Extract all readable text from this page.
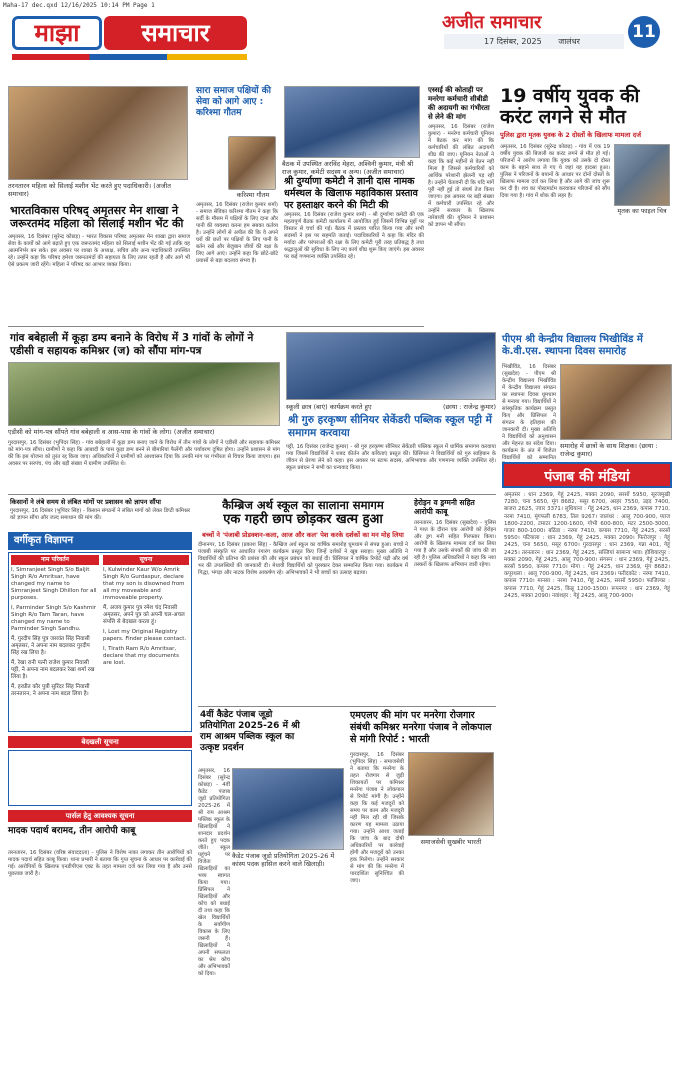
Maha-17 dec.qxd 12/16/2025 10:14 PM Page 1
माझा	समाचार	अजीत समाचार
17 दिसंबर, 2025 जालंधर	11
तरनतारन महिला को सिलाई मशीन भेंट करते हुए पदाधिकारी। (अजीत समाचार)
भारतविकास परिषद् अमृतसर मेन शाखा ने जरूरतमंद महिला को सिलाई मशीन भेंट की
अमृतसर, 16 दिसंबर (सुरेन्द्र कोछड़) - भारत विकास परिषद अमृतसर मेन शाखा द्वारा समाज सेवा के कार्यों को आगे बढ़ाते हुए एक जरूरतमंद महिला को सिलाई मशीन भेंट की गई ताकि वह आत्मनिर्भर बन सके। इस अवसर पर शाखा के अध्यक्ष, सचिव और अन्य पदाधिकारी उपस्थित रहे। उन्होंने कहा कि परिषद हमेशा जरूरतमंदों की सहायता के लिए तत्पर रहती है और आगे भी ऐसे प्रकल्प जारी रहेंगे। महिला ने परिषद का आभार व्यक्त किया।
सारा समाज पक्षियों की सेवा को आगे आए : करिश्मा गौतम
करिश्मा गौतम
अमृतसर, 16 दिसंबर (राजेश कुमार शर्मा) - समाज सेविका करिश्मा गौतम ने कहा कि सर्दी के मौसम में पक्षियों के लिए दाना और पानी की व्यवस्था करना हम सबका कर्तव्य है। उन्होंने लोगों से अपील की कि वे अपने घरों की छतों पर पक्षियों के लिए पानी के बर्तन रखें और बेजुबान जीवों की रक्षा के लिए आगे आएं। उन्होंने कहा कि छोटे-छोटे प्रयासों से बड़ा बदलाव संभव है।
बैठक में उपस्थित अरविंद मेहरा, अश्विनी कुमार, मंत्री श्री राज कुमार, कमेटी सदस्य व अन्य। (अजीत समाचार)
श्री दुर्ग्याणा कमेटी ने ज्ञानी दास नामक धर्मस्थल के खिलाफ महाविकास प्रस्ताव पर हस्ताक्षर करने की मिटी की
अमृतसर, 16 दिसंबर (राजेश कुमार शर्मा) - श्री दुर्ग्याणा कमेटी की एक महत्वपूर्ण बैठक कमेटी कार्यालय में आयोजित हुई जिसमें विभिन्न मुद्दों पर विस्तार से चर्चा की गई। बैठक में प्रस्ताव पारित किया गया और सभी सदस्यों ने इस पर सहमति जताई। पदाधिकारियों ने कहा कि मंदिर की मर्यादा और परंपराओं की रक्षा के लिए कमेटी पूरी तरह प्रतिबद्ध है तथा श्रद्धालुओं की सुविधा के लिए नए कार्य शीघ्र शुरू किए जाएंगे। इस अवसर पर कई गणमान्य व्यक्ति उपस्थित रहे।
एस्सई की कोताही पर मनरेगा कर्मचारी सीबीडी की अदायगी का गंभीरता से लेने की मांग
अमृतसर, 16 दिसंबर (राजेश कुमार) - मनरेगा कर्मचारी यूनियन ने बैठक कर मांग की कि कर्मचारियों की लंबित अदायगी शीघ्र की जाए। यूनियन नेताओं ने कहा कि कई महीनों से वेतन नहीं मिला है जिससे कर्मचारियों को आर्थिक परेशानी झेलनी पड़ रही है। उन्होंने चेतावनी दी कि यदि मांगें पूरी नहीं हुई तो संघर्ष तेज किया जाएगा। इस अवसर पर बड़ी संख्या में कर्मचारी उपस्थित रहे और उन्होंने सरकार के खिलाफ नारेबाजी की। यूनियन ने प्रशासन को ज्ञापन भी सौंपा।
19 वर्षीय युवक की करंट लगने से मौत
पुलिस द्वारा मृतक युवक के 2 दोस्तों के खिलाफ मामला दर्ज
मृतक का फाइल चित्र
अमृतसर, 16 दिसंबर (सुरेन्द्र कोछड़) - गांव में एक 19 वर्षीय युवक की बिजली का करंट लगने से मौत हो गई। परिजनों ने आरोप लगाया कि युवक को उसके दो दोस्त काम के बहाने साथ ले गए थे जहां यह हादसा हुआ। पुलिस ने परिजनों के बयानों के आधार पर दोनों दोस्तों के खिलाफ मामला दर्ज कर लिया है और आगे की जांच शुरू कर दी है। शव का पोस्टमार्टम करवाकर परिजनों को सौंप दिया गया है। गांव में शोक की लहर है।
गांव बबेहाली में कूड़ा डम्प बनाने के विरोध में 3 गांवों के लोगों ने एडीसी व सहायक कमिश्नर (ज) को सौंपा मांग-पत्र
एडीसी को मांग-पत्र सौंपते गांव बबेहाली व आस-पास के गांवों के लोग। (अजीत समाचार)
गुरदासपुर, 16 दिसंबर (भुपिंदर सिंह) - गांव बबेहाली में कूड़ा डम्प बनाए जाने के विरोध में तीन गांवों के लोगों ने एडीसी और सहायक कमिश्नर को मांग-पत्र सौंपा। ग्रामीणों ने कहा कि आबादी के पास कूड़ा डम्प बनने से बीमारियां फैलेंगी और पर्यावरण दूषित होगा। उन्होंने प्रशासन से मांग की कि इस योजना को तुरंत रद्द किया जाए। अधिकारियों ने ग्रामीणों को आश्वासन दिया कि उनकी मांग पर गंभीरता से विचार किया जाएगा। इस अवसर पर सरपंच, पंच और बड़ी संख्या में ग्रामीण उपस्थित थे।
स्कूली छात्र (बाएं) कार्यक्रम करते हुए	(छाया : राजेन्द्र कुमार)
श्री गुरु हरकृष्ण सीनियर सेकेंडरी पब्लिक स्कूल पट्टी में समागम करवाया
पट्टी, 16 दिसंबर (राजेन्द्र कुमार) - श्री गुरु हरकृष्ण सीनियर सेकेंडरी पब्लिक स्कूल में धार्मिक समागम करवाया गया जिसमें विद्यार्थियों ने शबद कीर्तन और कविताएं प्रस्तुत कीं। प्रिंसिपल ने विद्यार्थियों को गुरु साहिबान के जीवन से प्रेरणा लेने को कहा। इस अवसर पर स्टाफ सदस्य, अभिभावक और गणमान्य व्यक्ति उपस्थित रहे। स्कूल प्रबंधन ने सभी का धन्यवाद किया।
पीएम श्री केन्द्रीय विद्यालय भिखीविंड में के.वी.एस. स्थापना दिवस समारोह
समारोह में छात्रों के साथ शिक्षक। (छाया : राजेन्द्र कुमार)
भिखीविंड, 16 दिसंबर (सुखदेव) - पीएम श्री केन्द्रीय विद्यालय भिखीविंड में केन्द्रीय विद्यालय संगठन का स्थापना दिवस धूमधाम से मनाया गया। विद्यार्थियों ने सांस्कृतिक कार्यक्रम प्रस्तुत किए और प्रिंसिपल ने संगठन के इतिहास की जानकारी दी। मुख्य अतिथि ने विद्यार्थियों को अनुशासन और मेहनत का संदेश दिया। कार्यक्रम के अंत में विजेता विद्यार्थियों को सम्मानित
किसानों ने लंबे समय से लंबित मांगों पर प्रशासन को ज्ञापन सौंपा
गुरदासपुर, 16 दिसंबर (भुपिंदर सिंह) - किसान संगठनों ने लंबित मांगों को लेकर डिप्टी कमिश्नर को ज्ञापन सौंपा और जल्द समाधान की मांग की।
कैम्ब्रिज अर्थ स्कूल का सालाना समागम
एक गहरी छाप छोड़कर खत्म हुआ
बच्चों ने 'पंजाबी प्रोडक्शन-कला, आज और कल' पेश करके दर्शकों का मन मोह लिया
दीनानगर, 16 दिसंबर (प्रकाश सिंह) - कैम्ब्रिज अर्थ स्कूल का वार्षिक समारोह धूमधाम से संपन्न हुआ। बच्चों ने पंजाबी संस्कृति पर आधारित रंगारंग कार्यक्रम प्रस्तुत किए जिन्हें दर्शकों ने खूब सराहा। मुख्य अतिथि ने विद्यार्थियों की प्रतिभा की प्रशंसा की और स्कूल प्रबंधन को बधाई दी। प्रिंसिपल ने वार्षिक रिपोर्ट पढ़ी और वर्ष भर की उपलब्धियों की जानकारी दी। मेधावी विद्यार्थियों को पुरस्कार देकर सम्मानित किया गया। कार्यक्रम में गिद्धा, भंगड़ा और नाटक विशेष आकर्षण रहे। अभिभावकों ने भी बच्चों का उत्साह बढ़ाया।
हेरोइन व ड्रग्मनी सहित आरोपी काबू
तरनतारन, 16 दिसंबर (सुखदेव) - पुलिस ने गश्त के दौरान एक आरोपी को हेरोइन और ड्रग मनी सहित गिरफ्तार किया। आरोपी के खिलाफ मामला दर्ज कर लिया गया है और उसके संपर्कों की जांच की जा रही है। पुलिस अधिकारियों ने कहा कि नशा तस्करों के खिलाफ अभियान जारी रहेगा।
पंजाब की मंडियां
अमृतसर : धान 2369, गेहूं 2425, मक्का 2090, सरसों 5950, सूरजमुखी 7280, चना 5650, मूंग 8682, मसूर 6700, अरहर 7550, उड़द 7400, बाजरा 2625, ज्वार 3371। लुधियाना : गेहूं 2425, धान 2369, कपास 7710, नरमा 7410, मूंगफली 6783, तिल 9267। जालंधर : आलू 700-900, प्याज 1800-2200, टमाटर 1200-1600, गोभी 600-800, मटर 2500-3000, गाजर 800-1000। बठिंडा : नरमा 7410, कपास 7710, गेहूं 2425, सरसों 5950। पटियाला : धान 2369, गेहूं 2425, मक्का 2090। फिरोजपुर : गेहूं 2425, चना 5650, मसूर 6700। गुरदासपुर : धान 2369, गन्ना 401, गेहूं 2425। तरनतारन : धान 2369, गेहूं 2425, सब्जियां सामान्य भाव। होशियारपुर : मक्का 2090, गेहूं 2425, आलू 700-900। संगरूर : धान 2369, गेहूं 2425, सरसों 5950, कपास 7710। मोगा : गेहूं 2425, धान 2369, मूंग 8682। कपूरथला : आलू 700-900, गेहूं 2425, धान 2369। फरीदकोट : नरमा 7410, कपास 7710। मानसा : नरमा 7410, गेहूं 2425, सरसों 5950। फाजिल्का : कपास 7710, गेहूं 2425, किन्नू 1200-1500। रूपनगर : धान 2369, गेहूं 2425, मक्का 2090। नवांशहर : गेहूं 2425, आलू 700-900।
वर्गीकृत विज्ञापन
नाम परिवर्तन	सूचना

I, Simranjeet Singh S/o Baljit Singh R/o Amritsar, have changed my name to Simranjeet Singh Dhillon for all purposes.

I, Parminder Singh S/o Kashmir Singh R/o Tarn Taran, have changed my name to Parminder Singh Sandhu.

मैं, गुरदीप सिंह पुत्र जसवंत सिंह निवासी अमृतसर, ने अपना नाम बदलकर गुरदीप सिंह रख लिया है।

मैं, रेखा रानी पत्नी राजेश कुमार निवासी पट्टी, ने अपना नाम बदलकर रेखा शर्मा रख लिया है।

मैं, हरप्रीत कौर पुत्री सुरिंदर सिंह निवासी तरनतारन, ने अपना नाम बदल लिया है।

I, Kulwinder Kaur W/o Amrik Singh R/o Gurdaspur, declare that my son is disowned from all my moveable and immoveable property.

मैं, अजय कुमार पुत्र रमेश चंद निवासी अमृतसर, अपने पुत्र को अपनी चल-अचल संपत्ति से बेदखल करता हूं।

I, Lost my Original Registry papers. Finder please contact.

I, Tirath Ram R/o Amritsar, declare that my documents are lost.

बेदखली सूचना
पार्सल हेतु आवश्यक सूचना
4वीं कैडेट पंजाब जूडो प्रतियोगिता 2025-26 में श्री राम आश्रम पब्लिक स्कूल का उत्कृष्ट प्रदर्शन
कैडेट पंजाब जूडो प्रतियोगिता 2025-26 में कांस्य पदक हासिल करने वाले खिलाड़ी।
अमृतसर, 16 दिसंबर (सुरेन्द्र कोछड़) - 4वीं कैडेट पंजाब जूडो प्रतियोगिता 2025-26 में श्री राम आश्रम पब्लिक स्कूल के खिलाड़ियों ने शानदार प्रदर्शन करते हुए पदक जीते। स्कूल पहुंचने पर विजेता खिलाड़ियों का भव्य स्वागत किया गया। प्रिंसिपल ने खिलाड़ियों और कोच को बधाई दी तथा कहा कि खेल विद्यार्थियों के सर्वांगीण विकास के लिए जरूरी हैं। खिलाड़ियों ने अपनी सफलता का श्रेय कोच और अभिभावकों को दिया।
एमएलए की मांग पर मनरेगा रोजगार संबंधी कमिश्नर मनरेगा पंजाब ने लोकपाल से मांगी रिपोर्ट : भारती
समाजसेवी सुखबीर भारती
गुरदासपुर, 16 दिसंबर (भुपिंदर सिंह) - समाजसेवी ने बताया कि मनरेगा के तहत रोजगार से जुड़ी शिकायतों पर कमिश्नर मनरेगा पंजाब ने लोकपाल से रिपोर्ट मांगी है। उन्होंने कहा कि कई मजदूरों को समय पर काम और मजदूरी नहीं मिल रही थी जिसके कारण यह मामला उठाया गया। उन्होंने आशा जताई कि जांच के बाद दोषी अधिकारियों पर कार्रवाई होगी और मजदूरों को उनका हक मिलेगा। उन्होंने सरकार से मांग की कि मनरेगा में पारदर्शिता सुनिश्चित की जाए।
मादक पदार्थ बरामद, तीन आरोपी काबू
तरनतारन, 16 दिसंबर (वरिष्ठ संवाददाता) - पुलिस ने विशेष नाका लगाकर तीन आरोपियों को मादक पदार्थ सहित काबू किया। थाना प्रभारी ने बताया कि गुप्त सूचना के आधार पर कार्रवाई की गई। आरोपियों के खिलाफ एनडीपीएस एक्ट के तहत मामला दर्ज कर लिया गया है और उनसे पूछताछ जारी है।
